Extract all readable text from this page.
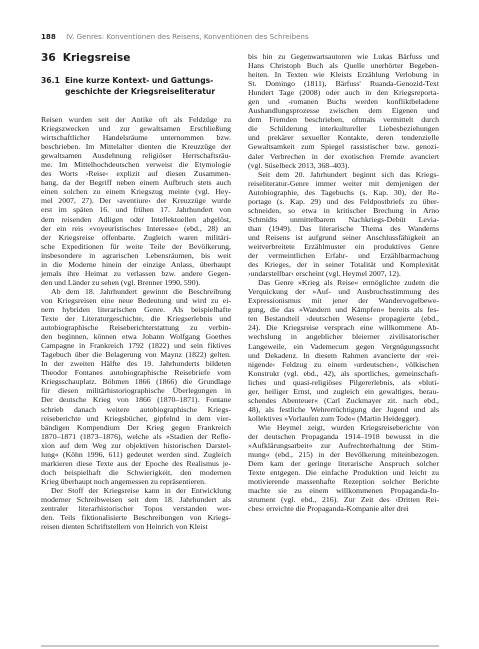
188 IV. Genres: Konventionen des Reisens, Konventionen des Schreibens
36 Kriegsreise
36.1 Eine kurze Kontext- und Gattungs-
geschichte der Kriegsreiseliteratur
Reisen wurden seit der Antike oft als Feldzüge zu
Kriegszwecken und zur gewaltsamen Erschließung
wirtschaftlicher Handelsräume unternommen bzw.
beschrieben. Im Mittelalter dienten die Kreuzzüge der
gewaltsamen Ausdehnung religiöser Herrschaftsräu-
me. Im Mittelhochdeutschen verweist die Etymologie
des Worts ›Reise‹ explizit auf diesen Zusammen-
hang, da der Begriff neben einem Aufbruch stets auch
einen solchen zu einem Kriegszug meinte (vgl. Hey-
mel 2007, 27). Der ›aventiure‹ der Kreuzzüge wurde
erst im späten 16. und frühen 17. Jahrhundert von
dem reisenden Adligen oder Intellektuellen abgelöst,
der ein reis »voyeuristisches Interesse« (ebd., 28) an
der Kriegsreise offenbarte. Zugleich waren militäri-
sche Expeditionen für weite Teile der Bevölkerung,
insbesondere in agrarischen Lebensräumen, bis weit
in die Moderne hinein der einzige Anlass, überhaupt
jemals ihre Heimat zu verlassen bzw. andere Gegen-
den und Länder zu sehen (vgl. Brenner 1990, 590).
Ab dem 18. Jahrhundert gewinnt die Beschreibung
von Kriegsreisen eine neue Bedeutung und wird zu ei-
nem hybriden literarischen Genre. Als beispielhafte
Texte der Literaturgeschichte, die Kriegserlebnis und
autobiographische Reiseberichterstattung zu verbin-
den beginnen, können etwa Johann Wolfgang Goethes
Campagne in Frankreich 1792 (1822) und sein fiktives
Tagebuch über die Belagerung von Maynz (1822) gelten.
In der zweiten Hälfte des 19. Jahrhunderts bildeten
Theodor Fontanes autobiographische Reisebriefe vom
Kriegsschauplatz. Böhmen 1866 (1866) die Grundlage
für diesen militärhistoriographische Überlegungen in
Der deutsche Krieg von 1866 (1870–1871). Fontane
schrieb danach weitere autobiographische Kriegs-
reiseberichte und Kriegsbücher, gipfelnd in dem vier-
bändigen Kompendium Der Krieg gegen Frankreich
1870–1871 (1873–1876), welche als »Stadien der Refle-
xion auf dem Weg zur objektiven historischen Darstel-
lung« (Köhn 1996, 611) gedeutet werden sind. Zugleich
markieren diese Texte aus der Epoche des Realismus je-
doch beispielhaft die Schwierigkeit, den modernen
Krieg überhaupt noch angemessen zu repräsentieren.
Der Stoff der Kriegsreise kann in der Entwicklung
moderner Schreibweisen seit dem 18. Jahrhundert als
zentraler literarhistorischer Topos verstanden wer-
den. Teils fiktionalisierte Beschreibungen von Kriegs-
reisen dienten Schriftstellern von Heinrich von Kleist
bis hin zu Gegenwartsautoren wie Lukas Bärfuss und
Hans Christoph Buch als Quelle unerhörter Begeben-
heiten. In Texten wie Kleists Erzählung Verlobung in
St. Domingo (1811), Bärfuss' Ruanda-Genozid-Text
Hundert Tage (2008) oder auch in den Kriegsreporta-
gen und -romanen Buchs werden konfliktbeladene
Aushandlungsprozesse zwischen dem Eigenen und
dem Fremden beschrieben, oftmals vermittelt durch
die Schilderung interkultureller Liebesbeziehungen
und prekärer sexueller Kontakte, deren tendenzielle
Gewaltsamkeit zum Spiegel rassistischer bzw. genozi-
daler Verbrechen in der exotischen Fremde avanciert
(vgl. Süselbeck 2013, 368–403).
Seit dem 20. Jahrhundert beginnt sich das Kriegs-
reiseliteratur-Genre immer weiter mit demjenigen der
Autobiographie, des Tagebuchs (s. Kap. 30), der Re-
portage (s. Kap. 29) und des Feldpostbriefs zu über-
schneiden, so etwa in kritischer Brechung in Arno
Schmidts unmittelbarem Nachkriegs-Debüt Levia-
than (1949). Das literarische Thema des Wanderns
und Reisens ist aufgrund seiner Anschlussfähigkeit an
weitverbreitete Erzählmuster ein produktives Genre
der vermeintlichen Erfahr- und Erzählbarmachung
des Krieges, der in seiner Totalität und Komplexität
›undarstellbar‹ erscheint (vgl. Heymel 2007, 12).
Das Genre »Krieg als Reise« ermöglichte zudem die
Verquickung der »Auf- und Ausbruchsstimmung des
Expressionismus mit jener der Wandervogelbewe-
gung, die das »Wandern und Kämpfen« bereits als fes-
ten Bestandteil ›deutschen Wesens‹ propagierte (ebd.,
24). Die Kriegsreise versprach eine willkommene Ab-
wechslung in angeblicher bleierner zivilisatorischer
Langeweile, ein Vademecum gegen Vergnügungssucht
und Dekadenz. In diesem Rahmen avancierte der ›rei-
nigende‹ Feldzug zu einem ›urdeutschen‹, völkischen
Konstrukt (vgl. ebd., 42), als sportliches, gemeinschaft-
liches und quasi-religiöses Pilgererlebnis, als »bluti-
ger, heiliger Ernst, und zugleich ein gewaltiges, berau-
schendes Abenteuer« (Carl Zuckmayer zit. nach ebd.,
48), als festliche Wehrertüchtigung der Jugend und als
kollektives »Vorlaufen zum Tode« (Martin Heidegger).
Wie Heymel zeigt, wurden Kriegsreiseberichte von
der deutschen Propaganda 1914–1918 bewusst in die
»Aufklärungsarbeit« zur Aufrechterhaltung der Stim-
mung« (ebd., 215) in der Bevölkerung miteinbezogen.
Dem kam der geringe literarische Anspruch solcher
Texte entgegen. Die einfache Produktion und leicht zu
motivierende massenhafte Rezeption solcher Berichte
machte sie zu einem willkommenen Propaganda-In-
strument (vgl. ebd., 216). Zur Zeit des ›Dritten Rei-
ches‹ erreichte die Propaganda-Kompanie aller drei
